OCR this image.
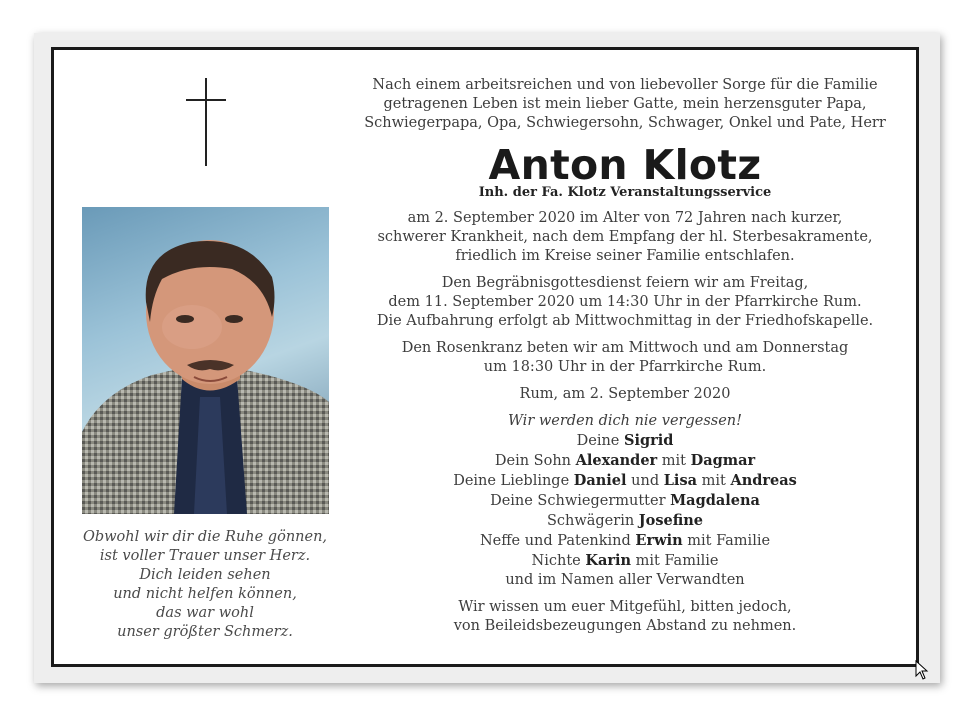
Obwohl wir dir die Ruhe gönnen,
ist voller Trauer unser Herz.
Dich leiden sehen
und nicht helfen können,
das war wohl
unser größter Schmerz.
Nach einem arbeitsreichen und von liebevoller Sorge für die Familie
getragenen Leben ist mein lieber Gatte, mein herzensguter Papa,
Schwiegerpapa, Opa, Schwiegersohn, Schwager, Onkel und Pate, Herr
Anton Klotz
Inh. der Fa. Klotz Veranstaltungsservice
am 2. September 2020 im Alter von 72 Jahren nach kurzer,
schwerer Krankheit, nach dem Empfang der hl. Sterbesakramente,
friedlich im Kreise seiner Familie entschlafen.
Den Begräbnisgottesdienst feiern wir am Freitag,
dem 11. September 2020 um 14:30 Uhr in der Pfarrkirche Rum.
Die Aufbahrung erfolgt ab Mittwochmittag in der Friedhofskapelle.
Den Rosenkranz beten wir am Mittwoch und am Donnerstag
um 18:30 Uhr in der Pfarrkirche Rum.
Rum, am 2. September 2020
Wir werden dich nie vergessen!
Deine Sigrid
Dein Sohn Alexander mit Dagmar
Deine Lieblinge Daniel und Lisa mit Andreas
Deine Schwiegermutter Magdalena
Schwägerin Josefine
Neffe und Patenkind Erwin mit Familie
Nichte Karin mit Familie
und im Namen aller Verwandten
Wir wissen um euer Mitgefühl, bitten jedoch,
von Beileidsbezeugungen Abstand zu nehmen.
